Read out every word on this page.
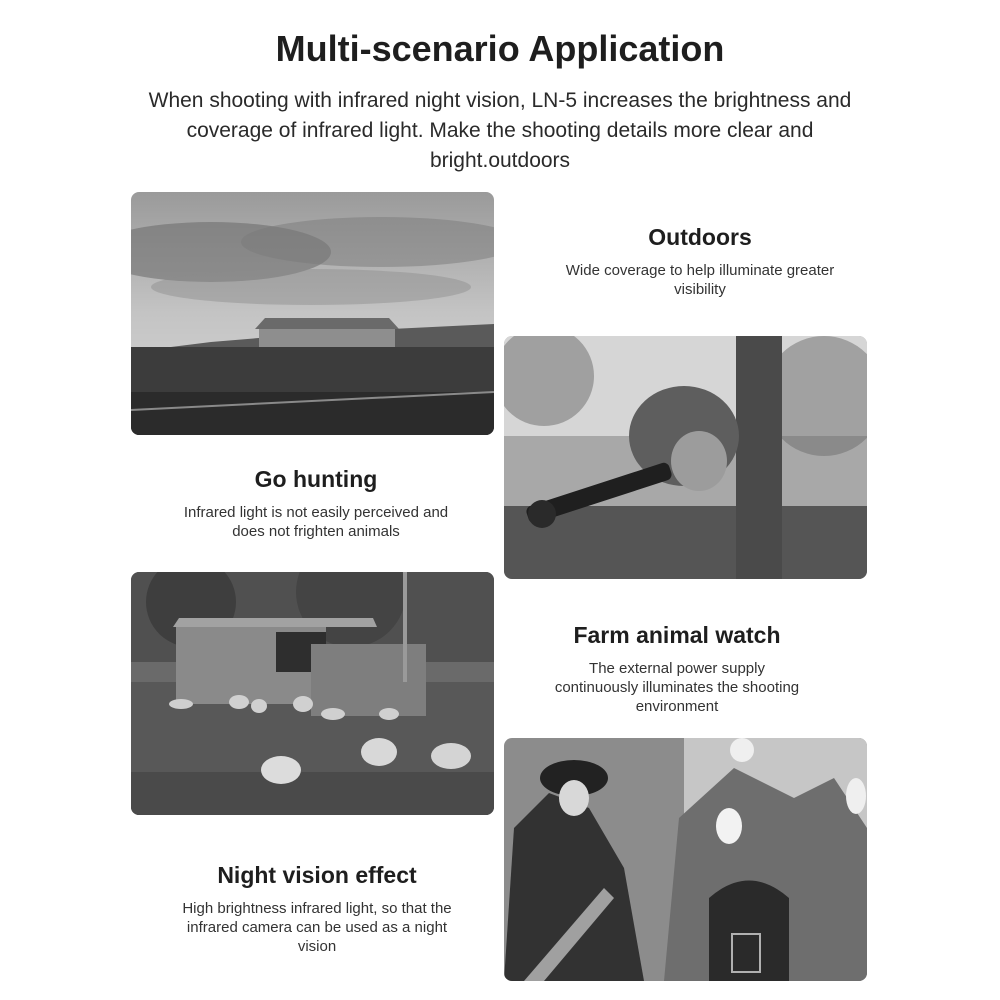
Multi-scenario Application

When shooting with infrared night vision, LN-5 increases the brightness and coverage of infrared light. Make the shooting details more clear and bright.outdoors

Outdoors

Wide coverage to help illuminate greater visibility

Go hunting

Infrared light is not easily perceived and does not frighten animals

Farm animal watch

The external power supply continuously illuminates the shooting environment

Night vision effect

High brightness infrared light, so that the infrared camera can be used as a night vision
